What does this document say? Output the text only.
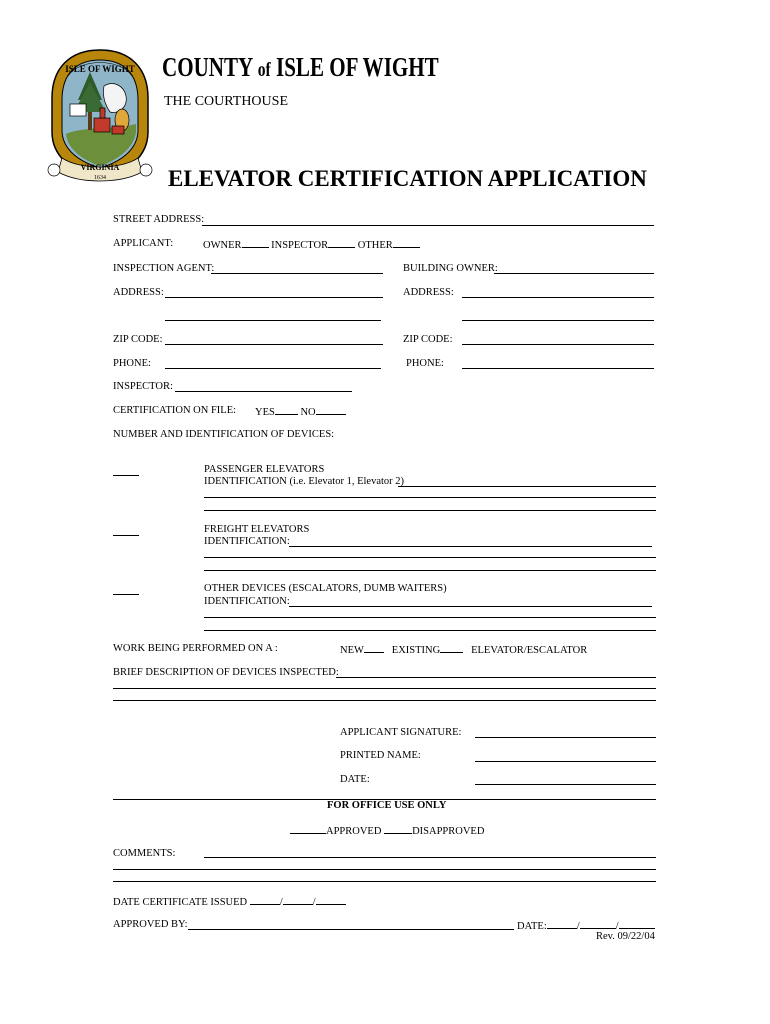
ISLE OF WIGHT
VIRGINIA
1634
COUNTY of ISLE OF WIGHT
THE COURTHOUSE
ELEVATOR CERTIFICATION APPLICATION
STREET ADDRESS:
APPLICANT:	OWNER	INSPECTOR	OTHER
INSPECTION AGENT:	BUILDING OWNER:
ADDRESS:	ADDRESS:
ZIP CODE:	ZIP CODE:
PHONE:	PHONE:
INSPECTOR:
CERTIFICATION ON FILE: YES NO
NUMBER AND IDENTIFICATION OF DEVICES:
PASSENGER ELEVATORS
IDENTIFICATION (i.e. Elevator 1, Elevator 2)
FREIGHT ELEVATORS
IDENTIFICATION:
OTHER DEVICES (ESCALATORS, DUMB WAITERS)
IDENTIFICATION:
WORK BEING PERFORMED ON A :	NEW	EXISTING	ELEVATOR/ESCALATOR
BRIEF DESCRIPTION OF DEVICES INSPECTED:
APPLICANT SIGNATURE:
PRINTED NAME:
DATE:
FOR OFFICE USE ONLY
APPROVED	DISAPPROVED
COMMENTS:
DATE CERTIFICATE ISSUED	/	/
APPROVED BY:	DATE:	/	/
Rev. 09/22/04
